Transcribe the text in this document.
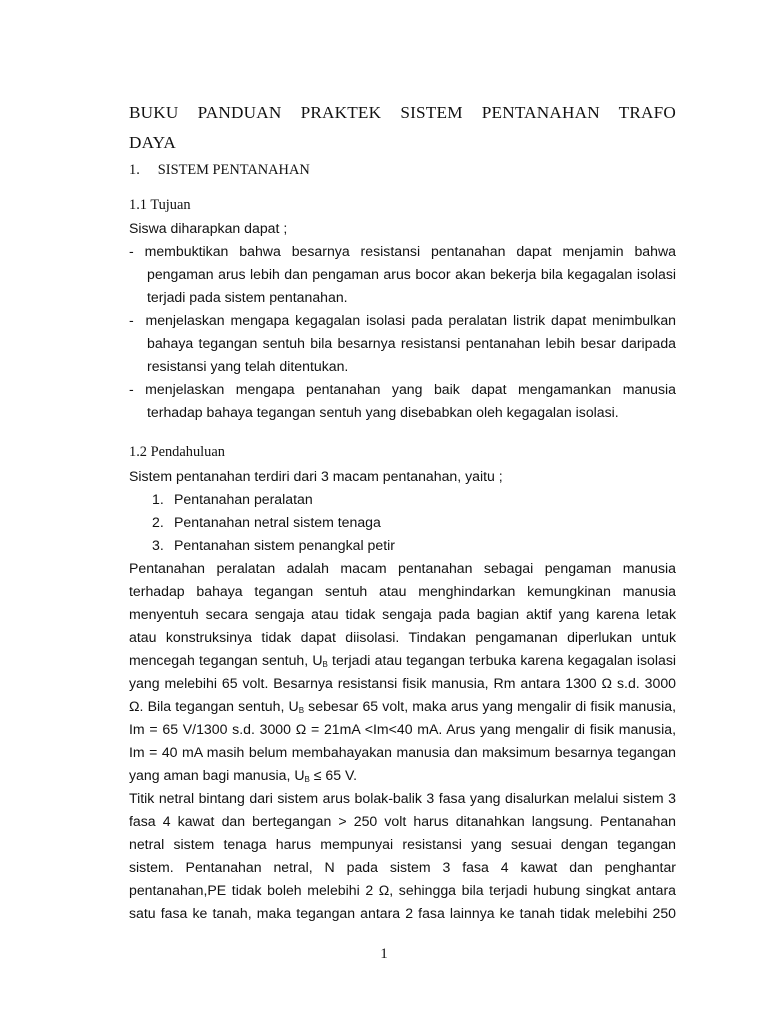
BUKU PANDUAN PRAKTEK SISTEM PENTANAHAN TRAFO
DAYA
1.     SISTEM PENTANAHAN
1.1 Tujuan
Siswa diharapkan dapat ;
- membuktikan bahwa besarnya resistansi pentanahan dapat menjamin bahwa
pengaman arus lebih dan pengaman arus bocor akan bekerja bila kegagalan isolasi
terjadi pada sistem pentanahan.
-  menjelaskan mengapa kegagalan isolasi pada peralatan listrik dapat menimbulkan
bahaya tegangan sentuh bila besarnya resistansi pentanahan lebih besar daripada
resistansi yang telah ditentukan.
- menjelaskan mengapa pentanahan yang baik dapat mengamankan manusia
terhadap bahaya tegangan sentuh yang disebabkan oleh kegagalan isolasi.
1.2 Pendahuluan
Sistem pentanahan terdiri dari 3 macam pentanahan, yaitu ;
1. Pentanahan peralatan
2. Pentanahan netral sistem tenaga
3. Pentanahan sistem penangkal petir
Pentanahan peralatan adalah macam pentanahan sebagai pengaman manusia
terhadap bahaya tegangan sentuh atau menghindarkan kemungkinan manusia
menyentuh secara sengaja atau tidak sengaja pada bagian aktif yang karena letak
atau konstruksinya tidak dapat diisolasi. Tindakan pengamanan diperlukan untuk
mencegah tegangan sentuh, $U_B$ terjadi atau tegangan terbuka karena kegagalan isolasi
yang melebihi 65 volt. Besarnya resistansi fisik manusia, Rm antara 1300 Ω s.d. 3000
Ω. Bila tegangan sentuh, $U_B$ sebesar 65 volt, maka arus yang mengalir di fisik manusia,
Im = 65 V/1300 s.d. 3000 Ω = 21mA <Im<40 mA. Arus yang mengalir di fisik manusia,
Im = 40 mA masih belum membahayakan manusia dan maksimum besarnya tegangan
yang aman bagi manusia, $U_B \le 65$ V.
Titik netral bintang dari sistem arus bolak-balik 3 fasa yang disalurkan melalui sistem 3
fasa 4 kawat dan bertegangan > 250 volt harus ditanahkan langsung. Pentanahan
netral sistem tenaga harus mempunyai resistansi yang sesuai dengan tegangan
sistem. Pentanahan netral, N pada sistem 3 fasa 4 kawat dan penghantar
pentanahan,PE tidak boleh melebihi 2 Ω, sehingga bila terjadi hubung singkat antara
satu fasa ke tanah, maka tegangan antara 2 fasa lainnya ke tanah tidak melebihi 250
1
